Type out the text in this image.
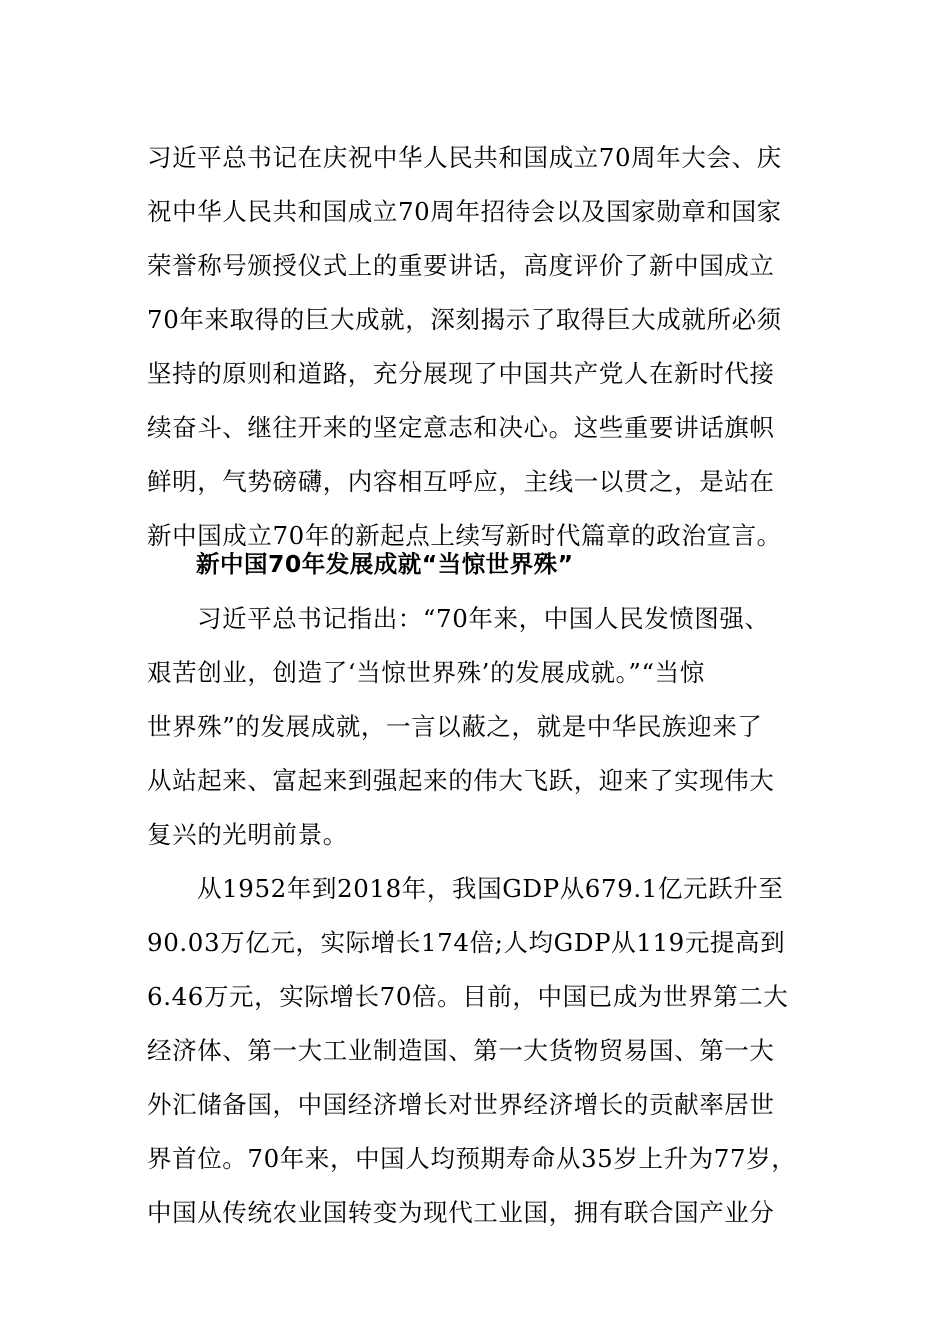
习近平总书记在庆祝中华人民共和国成立70周年大会、庆
祝中华人民共和国成立70周年招待会以及国家勋章和国家
荣誉称号颁授仪式上的重要讲话，高度评价了新中国成立
70年来取得的巨大成就，深刻揭示了取得巨大成就所必须
坚持的原则和道路，充分展现了中国共产党人在新时代接
续奋斗、继往开来的坚定意志和决心。这些重要讲话旗帜
鲜明，气势磅礴，内容相互呼应，主线一以贯之，是站在
新中国成立70年的新起点上续写新时代篇章的政治宣言。
新中国70年发展成就“当惊世界殊”
习近平总书记指出：“70年来，中国人民发愤图强、
艰苦创业，创造了‘当惊世界殊’的发展成就。”“当惊
世界殊”的发展成就，一言以蔽之，就是中华民族迎来了
从站起来、富起来到强起来的伟大飞跃，迎来了实现伟大
复兴的光明前景。
从1952年到2018年，我国GDP从679.1亿元跃升至
90.03万亿元，实际增长174倍;人均GDP从119元提高到
6.46万元，实际增长70倍。目前，中国已成为世界第二大
经济体、第一大工业制造国、第一大货物贸易国、第一大
外汇储备国，中国经济增长对世界经济增长的贡献率居世
界首位。70年来，中国人均预期寿命从35岁上升为77岁，
中国从传统农业国转变为现代工业国，拥有联合国产业分
